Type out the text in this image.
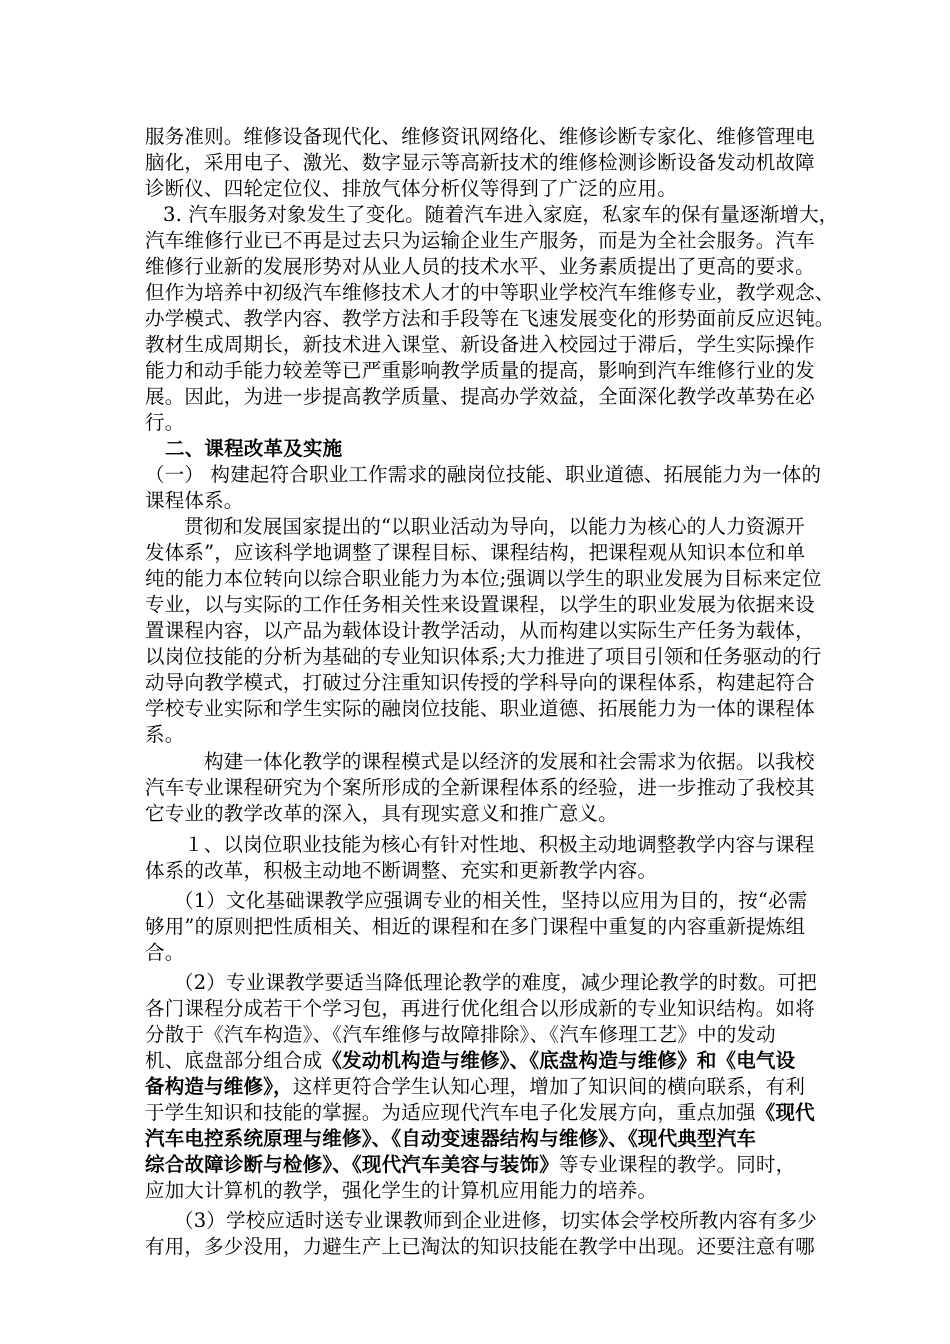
服务准则。维修设备现代化、维修资讯网络化、维修诊断专家化、维修管理电
脑化，采用电子、激光、数字显示等高新技术的维修检测诊断设备发动机故障
诊断仪、四轮定位仪、排放气体分析仪等得到了广泛的应用。
3. 汽车服务对象发生了变化。随着汽车进入家庭，私家车的保有量逐渐增大，
汽车维修行业已不再是过去只为运输企业生产服务，而是为全社会服务。汽车
维修行业新的发展形势对从业人员的技术水平、业务素质提出了更高的要求。
但作为培养中初级汽车维修技术人才的中等职业学校汽车维修专业，教学观念、
办学模式、教学内容、教学方法和手段等在飞速发展变化的形势面前反应迟钝。
教材生成周期长，新技术进入课堂、新设备进入校园过于滞后，学生实际操作
能力和动手能力较差等已严重影响教学质量的提高，影响到汽车维修行业的发
展。因此，为进一步提高教学质量、提高办学效益，全面深化教学改革势在必
行。
二、课程改革及实施
（一） 构建起符合职业工作需求的融岗位技能、职业道德、拓展能力为一体的
课程体系。
贯彻和发展国家提出的“以职业活动为导向，以能力为核心的人力资源开
发体系”，应该科学地调整了课程目标、课程结构，把课程观从知识本位和单
纯的能力本位转向以综合职业能力为本位;强调以学生的职业发展为目标来定位
专业，以与实际的工作任务相关性来设置课程，以学生的职业发展为依据来设
置课程内容，以产品为载体设计教学活动，从而构建以实际生产任务为载体，
以岗位技能的分析为基础的专业知识体系;大力推进了项目引领和任务驱动的行
动导向教学模式，打破过分注重知识传授的学科导向的课程体系，构建起符合
学校专业实际和学生实际的融岗位技能、职业道德、拓展能力为一体的课程体
系。
构建一体化教学的课程模式是以经济的发展和社会需求为依据。以我校
汽车专业课程研究为个案所形成的全新课程体系的经验，进一步推动了我校其
它专业的教学改革的深入，具有现实意义和推广意义。
１、以岗位职业技能为核心有针对性地、积极主动地调整教学内容与课程
体系的改革，积极主动地不断调整、充实和更新教学内容。
（1）文化基础课教学应强调专业的相关性，坚持以应用为目的，按“必需
够用”的原则把性质相关、相近的课程和在多门课程中重复的内容重新提炼组
合。
（2）专业课教学要适当降低理论教学的难度，减少理论教学的时数。可把
各门课程分成若干个学习包，再进行优化组合以形成新的专业知识结构。如将
分散于《汽车构造》、《汽车维修与故障排除》、《汽车修理工艺》中的发动
机、底盘部分组合成《发动机构造与维修》、《底盘构造与维修》和《电气设
备构造与维修》，这样更符合学生认知心理，增加了知识间的横向联系，有利
于学生知识和技能的掌握。为适应现代汽车电子化发展方向，重点加强《现代
汽车电控系统原理与维修》、《自动变速器结构与维修》、《现代典型汽车
综合故障诊断与检修》、《现代汽车美容与装饰》等专业课程的教学。同时，
应加大计算机的教学，强化学生的计算机应用能力的培养。
（3）学校应适时送专业课教师到企业进修，切实体会学校所教内容有多少
有用，多少没用，力避生产上已淘汰的知识技能在教学中出现。还要注意有哪
